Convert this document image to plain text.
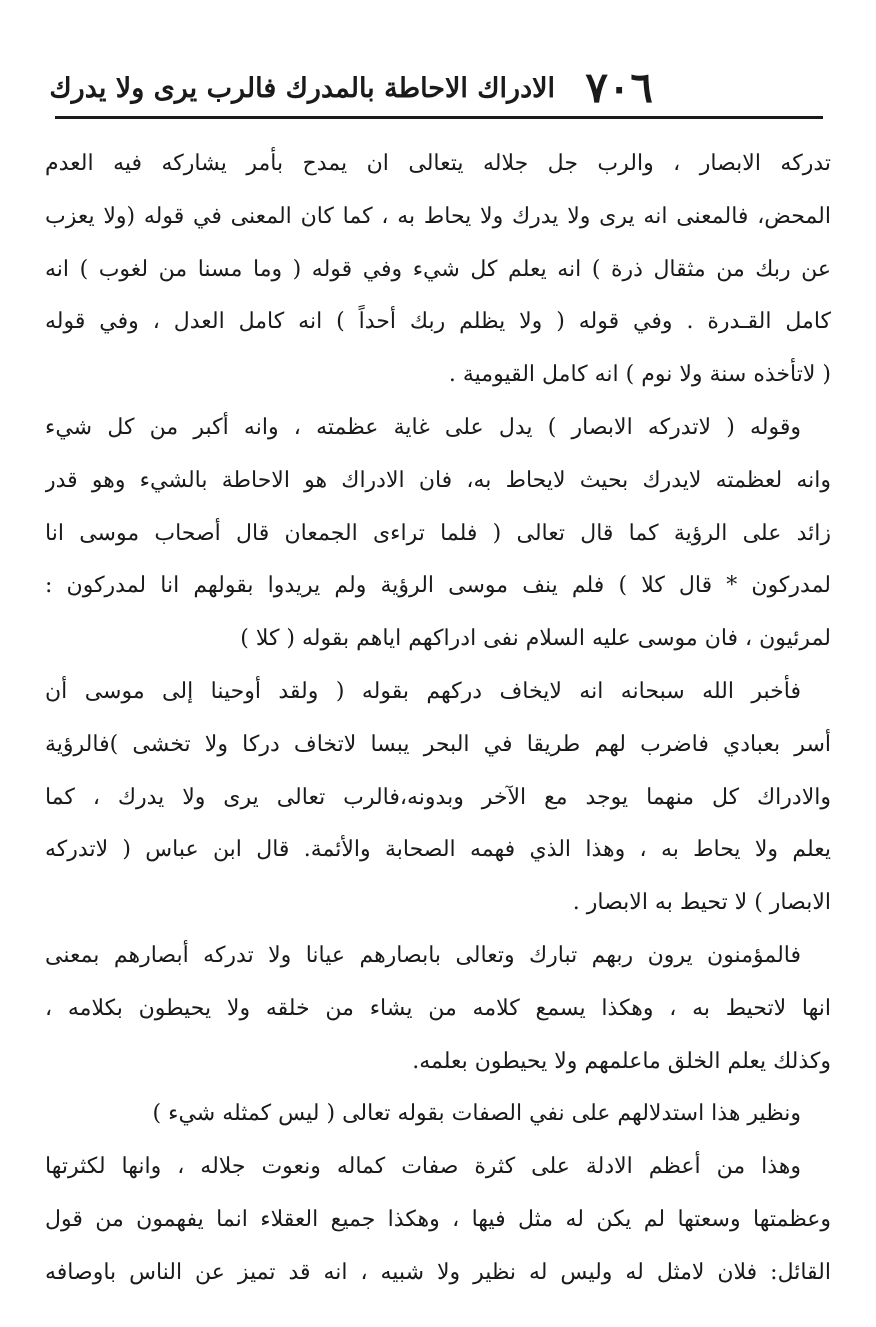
٧٠٦
الادراك الاحاطة بالمدرك فالرب يرى ولا يدرك
تدركه الابصار ، والرب جل جلاله يتعالى ان يمدح بأمر يشاركه فيه العدم
المحض، فالمعنى انه يرى ولا يدرك ولا يحاط به ، كما كان المعنى في قوله (ولا يعزب
عن ربك من مثقال ذرة ) انه يعلم كل شيء وفي قوله ( وما مسنا من لغوب ) انه
كامل القـدرة . وفي قوله ( ولا يظلم ربك أحداً ) انه كامل العدل ، وفي قوله
( لاتأخذه سنة ولا نوم ) انه كامل القيومية .
وقوله ( لاتدركه الابصار ) يدل على غاية عظمته ، وانه أكبر من كل شيء
وانه لعظمته لايدرك بحيث لايحاط به، فان الادراك هو الاحاطة بالشيء وهو قدر
زائد على الرؤية كما قال تعالى ( فلما تراءى الجمعان قال أصحاب موسى انا
لمدركون * قال كلا ) فلم ينف موسى الرؤية ولم يريدوا بقولهم انا لمدركون :
لمرئيون ، فان موسى عليه السلام نفى ادراكهم اياهم بقوله ( كلا )
فأخبر الله سبحانه انه لايخاف دركهم بقوله ( ولقد أوحينا إلى موسى أن
أسر بعبادي فاضرب لهم طريقا في البحر يبسا لاتخاف دركا ولا تخشى )فالرؤية
والادراك كل منهما يوجد مع الآخر وبدونه،فالرب تعالى يرى ولا يدرك ، كما
يعلم ولا يحاط به ، وهذا الذي فهمه الصحابة والأئمة. قال ابن عباس ( لاتدركه
الابصار ) لا تحيط به الابصار .
فالمؤمنون يرون ربهم تبارك وتعالى بابصارهم عيانا ولا تدركه أبصارهم بمعنى
انها لاتحيط به ، وهكذا يسمع كلامه من يشاء من خلقه ولا يحيطون بكلامه ،
وكذلك يعلم الخلق ماعلمهم ولا يحيطون بعلمه.
ونظير هذا استدلالهم على نفي الصفات بقوله تعالى ( ليس كمثله شيء )
وهذا من أعظم الادلة على كثرة صفات كماله ونعوت جلاله ، وانها لكثرتها
وعظمتها وسعتها لم يكن له مثل فيها ، وهكذا جميع العقلاء انما يفهمون من قول
القائل: فلان لامثل له وليس له نظير ولا شبيه ، انه قد تميز عن الناس باوصافه
